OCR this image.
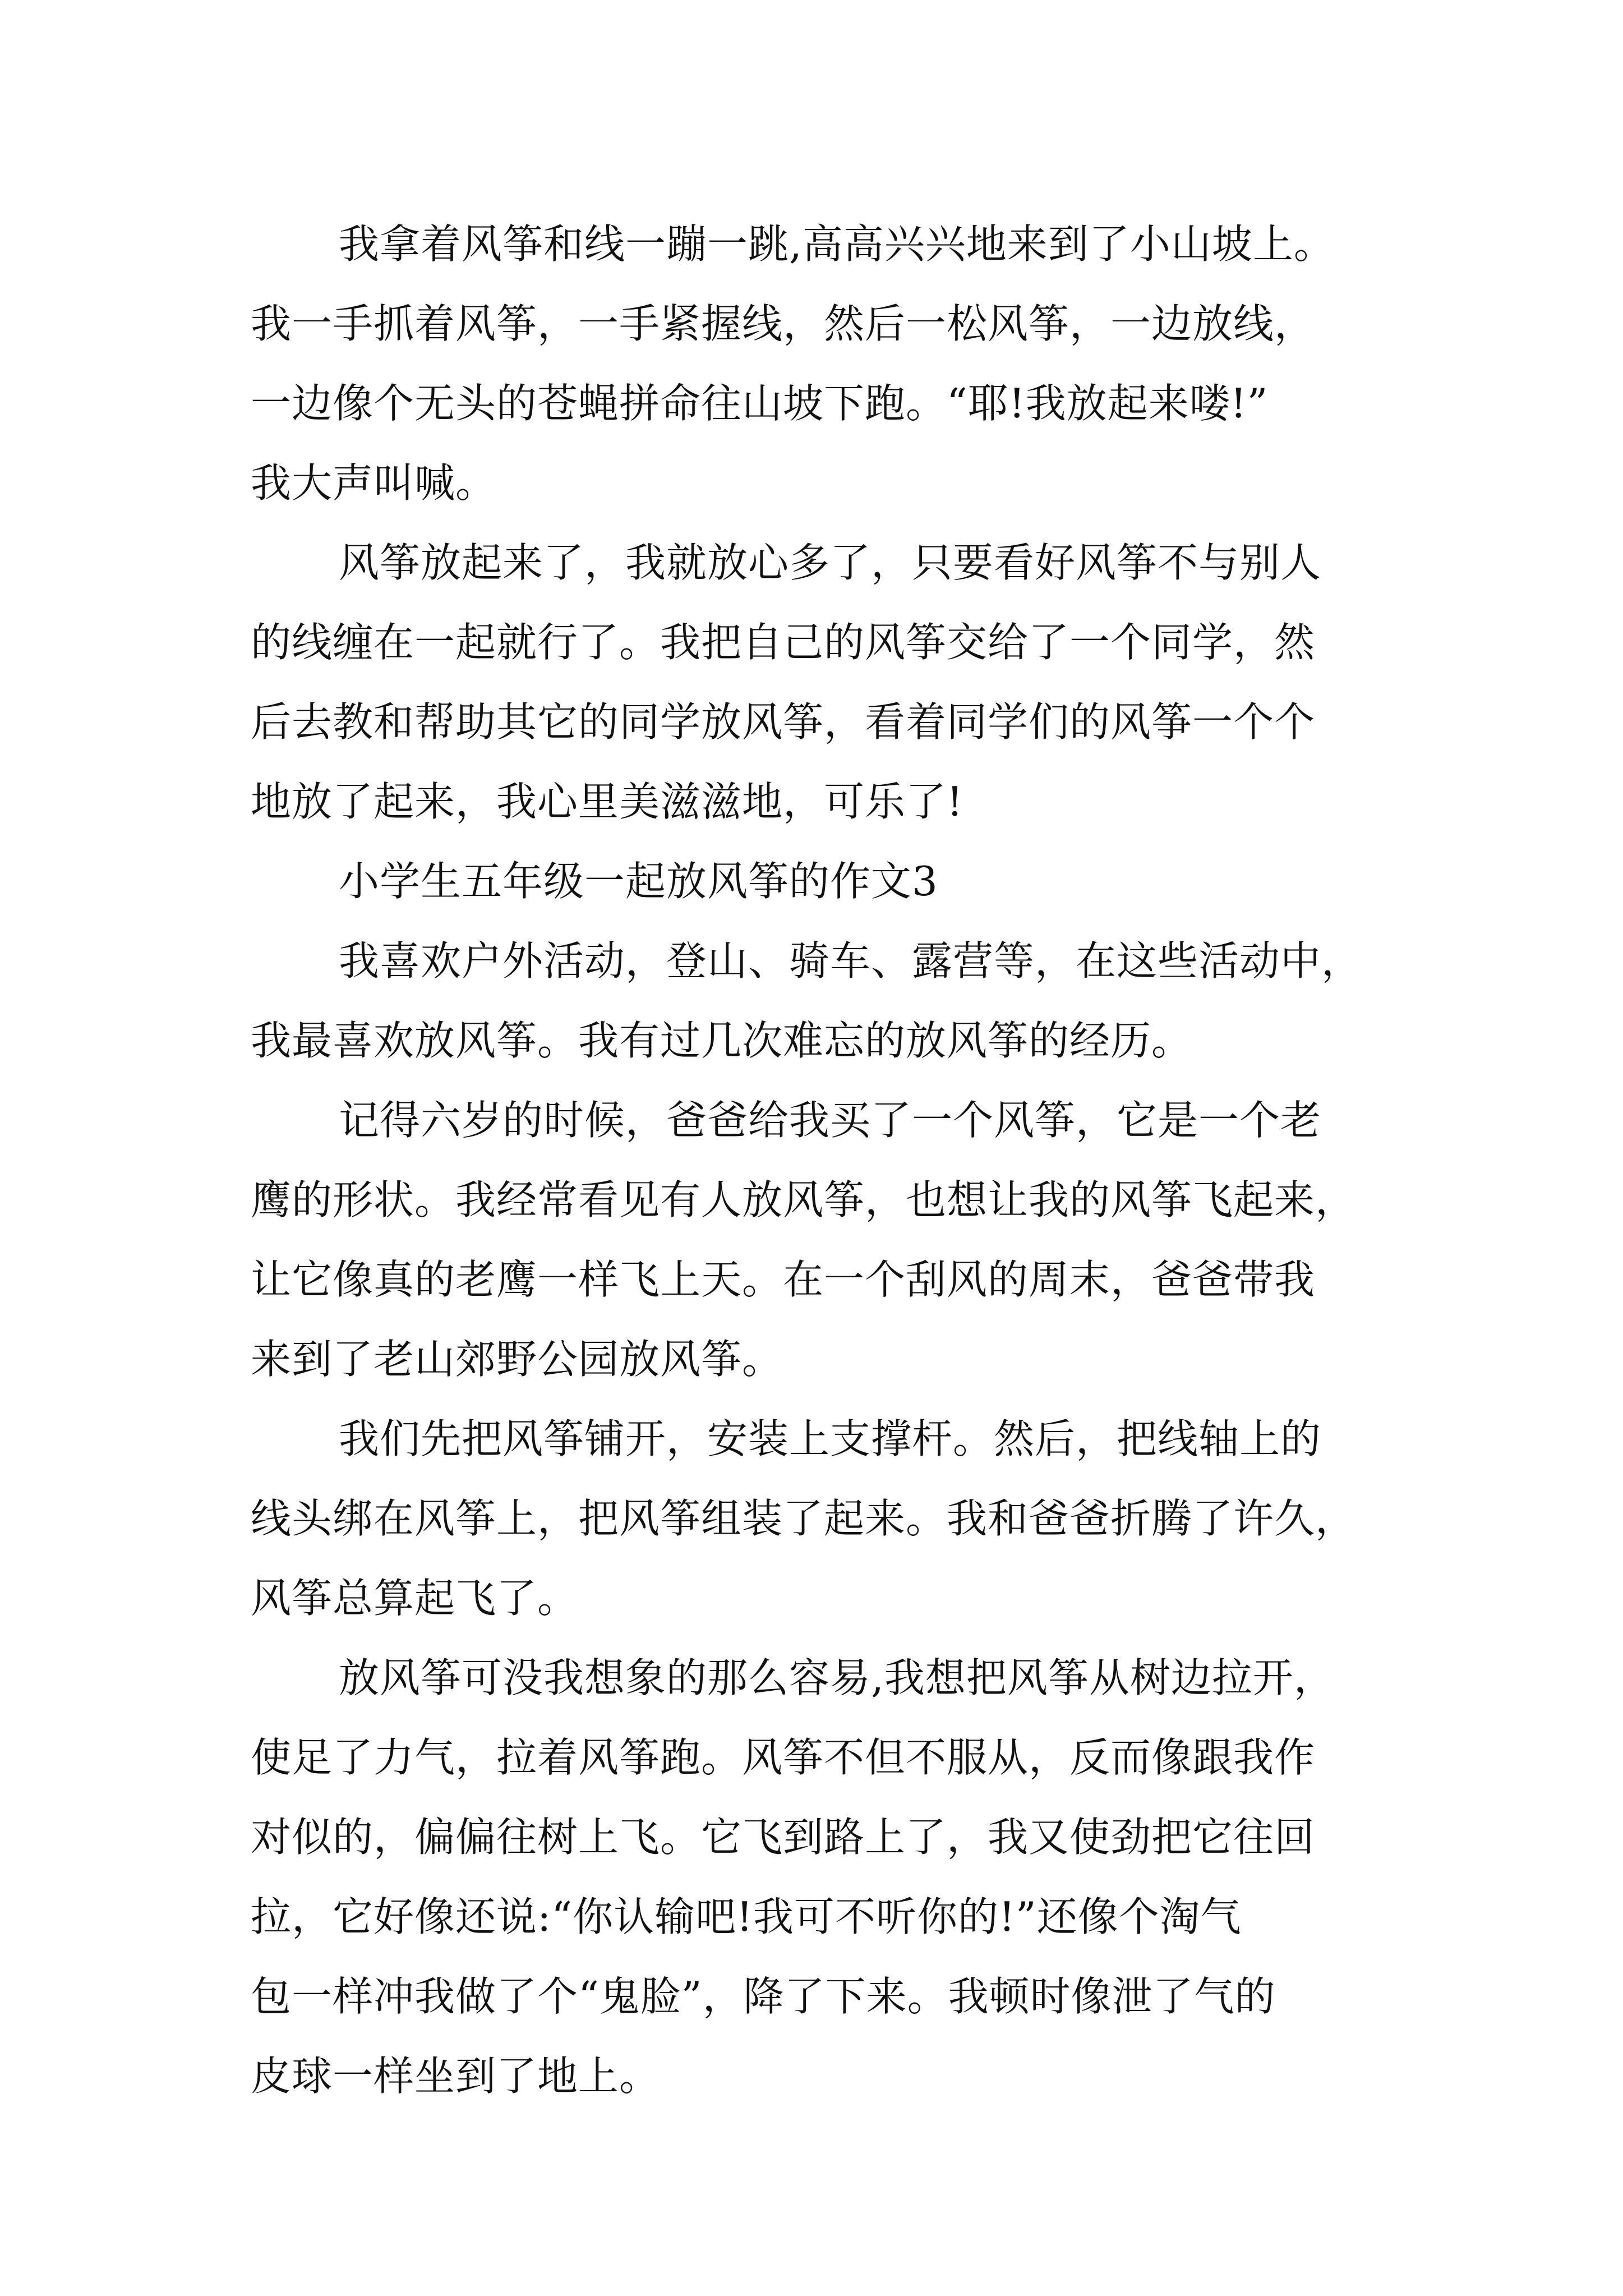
我拿着风筝和线一蹦一跳,高高兴兴地来到了小山坡上。
我一手抓着风筝，一手紧握线，然后一松风筝，一边放线，
一边像个无头的苍蝇拼命往山坡下跑。“耶!我放起来喽!”
我大声叫喊。
风筝放起来了，我就放心多了，只要看好风筝不与别人
的线缠在一起就行了。我把自己的风筝交给了一个同学，然
后去教和帮助其它的同学放风筝，看着同学们的风筝一个个
地放了起来，我心里美滋滋地，可乐了!
小学生五年级一起放风筝的作文3
我喜欢户外活动，登山、骑车、露营等，在这些活动中，
我最喜欢放风筝。我有过几次难忘的放风筝的经历。
记得六岁的时候，爸爸给我买了一个风筝，它是一个老
鹰的形状。我经常看见有人放风筝，也想让我的风筝飞起来，
让它像真的老鹰一样飞上天。在一个刮风的周末，爸爸带我
来到了老山郊野公园放风筝。
我们先把风筝铺开，安装上支撑杆。然后，把线轴上的
线头绑在风筝上，把风筝组装了起来。我和爸爸折腾了许久，
风筝总算起飞了。
放风筝可没我想象的那么容易,我想把风筝从树边拉开，
使足了力气，拉着风筝跑。风筝不但不服从，反而像跟我作
对似的，偏偏往树上飞。它飞到路上了，我又使劲把它往回
拉，它好像还说:“你认输吧!我可不听你的!”还像个淘气
包一样冲我做了个“鬼脸”，降了下来。我顿时像泄了气的
皮球一样坐到了地上。
